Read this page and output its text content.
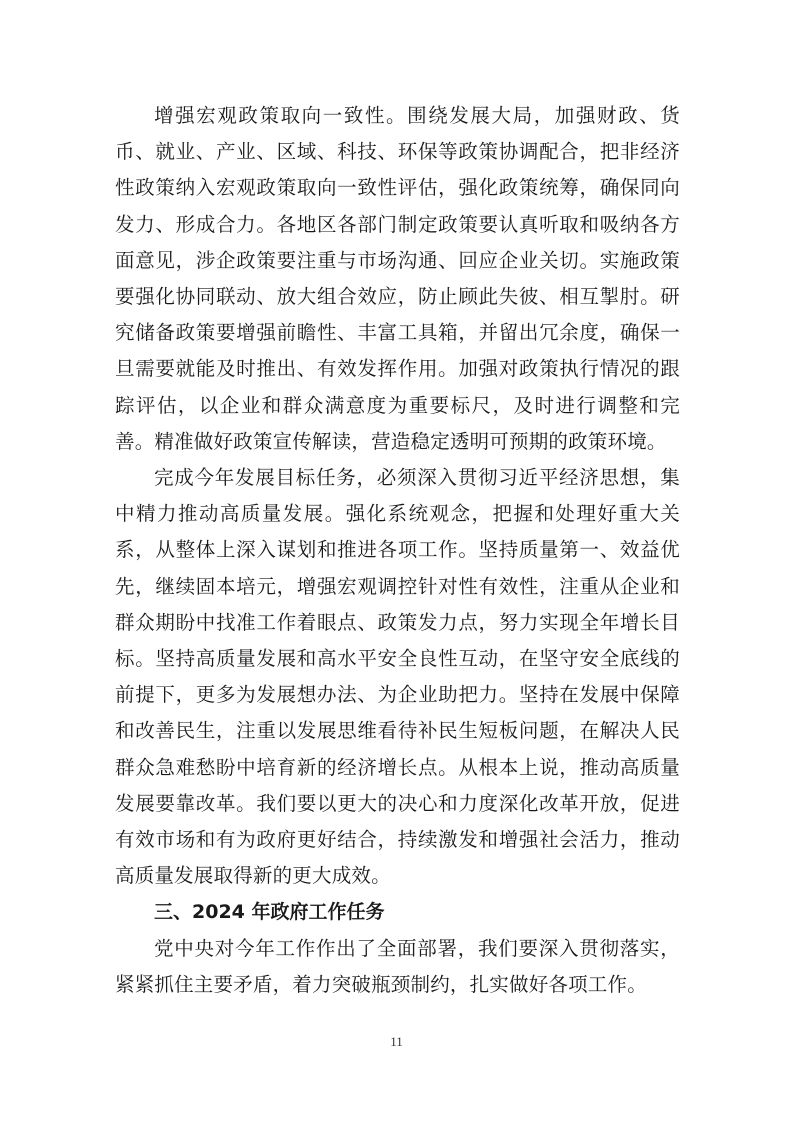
增强宏观政策取向一致性。围绕发展大局，加强财政、货币、就业、产业、区域、科技、环保等政策协调配合，把非经济性政策纳入宏观政策取向一致性评估，强化政策统筹，确保同向发力、形成合力。各地区各部门制定政策要认真听取和吸纳各方面意见，涉企政策要注重与市场沟通、回应企业关切。实施政策要强化协同联动、放大组合效应，防止顾此失彼、相互掣肘。研究储备政策要增强前瞻性、丰富工具箱，并留出冗余度，确保一旦需要就能及时推出、有效发挥作用。加强对政策执行情况的跟踪评估，以企业和群众满意度为重要标尺，及时进行调整和完善。精准做好政策宣传解读，营造稳定透明可预期的政策环境。

完成今年发展目标任务，必须深入贯彻习近平经济思想，集中精力推动高质量发展。强化系统观念，把握和处理好重大关系，从整体上深入谋划和推进各项工作。坚持质量第一、效益优先，继续固本培元，增强宏观调控针对性有效性，注重从企业和群众期盼中找准工作着眼点、政策发力点，努力实现全年增长目标。坚持高质量发展和高水平安全良性互动，在坚守安全底线的前提下，更多为发展想办法、为企业助把力。坚持在发展中保障和改善民生，注重以发展思维看待补民生短板问题，在解决人民群众急难愁盼中培育新的经济增长点。从根本上说，推动高质量发展要靠改革。我们要以更大的决心和力度深化改革开放，促进有效市场和有为政府更好结合，持续激发和增强社会活力，推动高质量发展取得新的更大成效。

三、2024 年政府工作任务

党中央对今年工作作出了全面部署，我们要深入贯彻落实，紧紧抓住主要矛盾，着力突破瓶颈制约，扎实做好各项工作。

11
